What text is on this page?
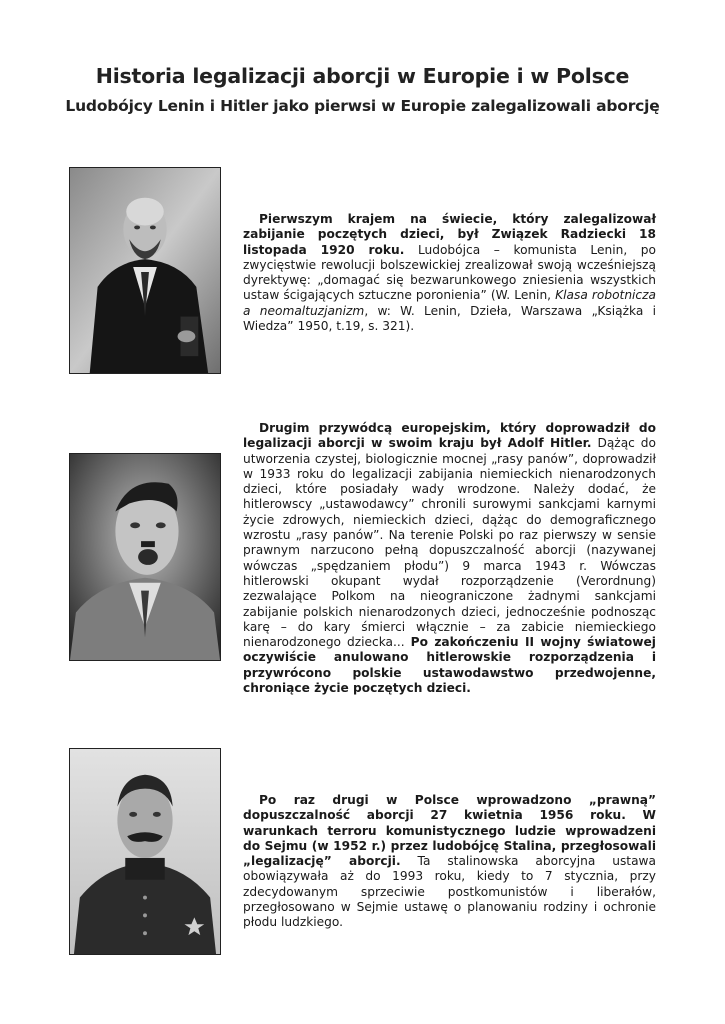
Historia legalizacji aborcji w Europie i w Polsce
Ludobójcy Lenin i Hitler jako pierwsi w Europie zalegalizowali aborcję

Pierwszym krajem na świecie, który zalegalizował zabijanie poczętych dzieci, był Związek Radziecki 18 listopada 1920 roku. Ludobójca – komunista Lenin, po zwycięstwie rewolucji bolszewickiej zrealizował swoją wcześniejszą dyrektywę: „domagać się bezwarunkowego zniesienia wszystkich ustaw ścigających sztuczne poronienia” (W. Lenin, Klasa robotnicza a neomaltuzjanizm, w: W. Lenin, Dzieła, Warszawa „Książka i Wiedza” 1950, t.19, s. 321).

Drugim przywódcą europejskim, który doprowadził do legalizacji aborcji w swoim kraju był Adolf Hitler. Dążąc do utworzenia czystej, biologicznie mocnej „rasy panów”, doprowadził w 1933 roku do legalizacji zabijania niemieckich nienarodzonych dzieci, które posiadały wady wrodzone. Należy dodać, że hitlerowscy „ustawodawcy” chronili surowymi sankcjami karnymi życie zdrowych, niemieckich dzieci, dążąc do demograficznego wzrostu „rasy panów”. Na terenie Polski po raz pierwszy w sensie prawnym narzucono pełną dopuszczalność aborcji (nazywanej wówczas „spędzaniem płodu”) 9 marca 1943 r. Wówczas hitlerowski okupant wydał rozporządzenie (Verordnung) zezwalające Polkom na nieograniczone żadnymi sankcjami zabijanie polskich nienarodzonych dzieci, jednocześnie podnosząc karę – do kary śmierci włącznie – za zabicie niemieckiego nienarodzonego dziecka... Po zakończeniu II wojny światowej oczywiście anulowano hitlerowskie rozporządzenia i przywrócono polskie ustawodawstwo przedwojenne, chroniące życie poczętych dzieci.

Po raz drugi w Polsce wprowadzono „prawną” dopuszczalność aborcji 27 kwietnia 1956 roku. W warunkach terroru komunistycznego ludzie wprowadzeni do Sejmu (w 1952 r.) przez ludobójcę Stalina, przegłosowali „legalizację” aborcji. Ta stalinowska aborcyjna ustawa obowiązywała aż do 1993 roku, kiedy to 7 stycznia, przy zdecydowanym sprzeciwie postkomunistów i liberałów, przegłosowano w Sejmie ustawę o planowaniu rodziny i ochronie płodu ludzkiego.
